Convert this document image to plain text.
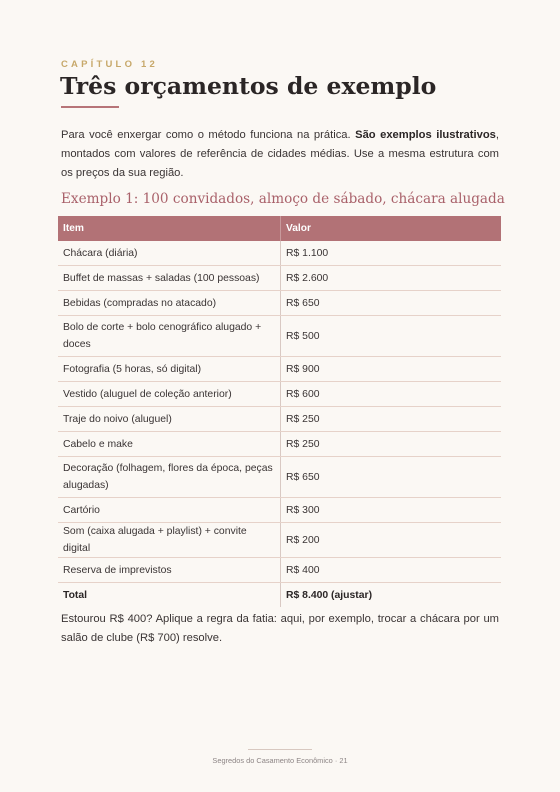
CAPÍTULO 12
Três orçamentos de exemplo

Para você enxergar como o método funciona na prática. São exemplos ilustrativos, montados com valores de referência de cidades médias. Use a mesma estrutura com os preços da sua região.

Exemplo 1: 100 convidados, almoço de sábado, chácara alugada
Item	Valor
Chácara (diária)	R$ 1.100
Buffet de massas + saladas (100 pessoas)	R$ 2.600
Bebidas (compradas no atacado)	R$ 650
Bolo de corte + bolo cenográfico alugado + doces	R$ 500
Fotografia (5 horas, só digital)	R$ 900
Vestido (aluguel de coleção anterior)	R$ 600
Traje do noivo (aluguel)	R$ 250
Cabelo e make	R$ 250
Decoração (folhagem, flores da época, peças alugadas)	R$ 650
Cartório	R$ 300
Som (caixa alugada + playlist) + convite digital	R$ 200
Reserva de imprevistos	R$ 400
Total	R$ 8.400 (ajustar)

Estourou R$ 400? Aplique a regra da fatia: aqui, por exemplo, trocar a chácara por um salão de clube (R$ 700) resolve.

Segredos do Casamento Econômico · 21
